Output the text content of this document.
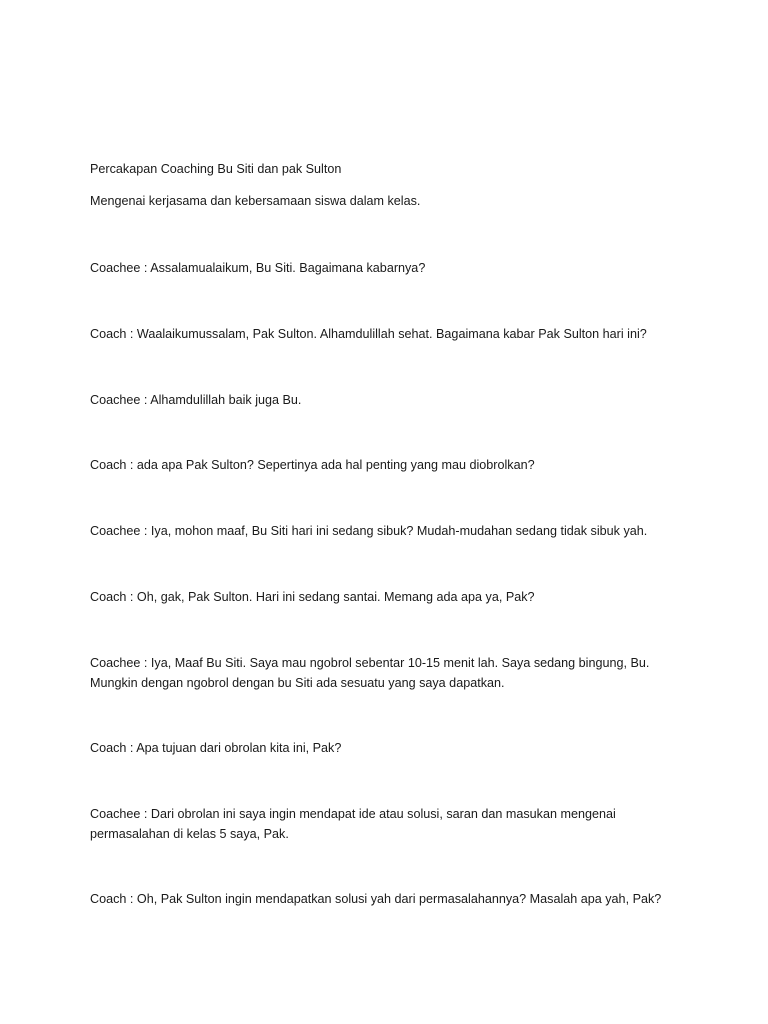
Percakapan Coaching Bu Siti dan pak Sulton
Mengenai kerjasama dan kebersamaan siswa dalam kelas.
Coachee : Assalamualaikum, Bu Siti. Bagaimana kabarnya?
Coach : Waalaikumussalam, Pak Sulton. Alhamdulillah sehat. Bagaimana kabar Pak Sulton hari ini?
Coachee : Alhamdulillah baik juga Bu.
Coach : ada apa Pak Sulton? Sepertinya ada hal penting yang mau diobrolkan?
Coachee : Iya, mohon maaf, Bu Siti hari ini sedang sibuk? Mudah-mudahan sedang tidak sibuk yah.
Coach : Oh, gak, Pak Sulton. Hari ini sedang santai. Memang ada apa ya, Pak?
Coachee : Iya, Maaf Bu Siti. Saya mau ngobrol sebentar 10-15 menit lah. Saya sedang bingung, Bu.
Mungkin dengan ngobrol dengan bu Siti ada sesuatu yang saya dapatkan.
Coach : Apa tujuan dari obrolan kita ini, Pak?
Coachee : Dari obrolan ini saya ingin mendapat ide atau solusi, saran dan masukan mengenai
permasalahan di kelas 5 saya, Pak.
Coach : Oh, Pak Sulton ingin mendapatkan solusi yah dari permasalahannya? Masalah apa yah, Pak?
